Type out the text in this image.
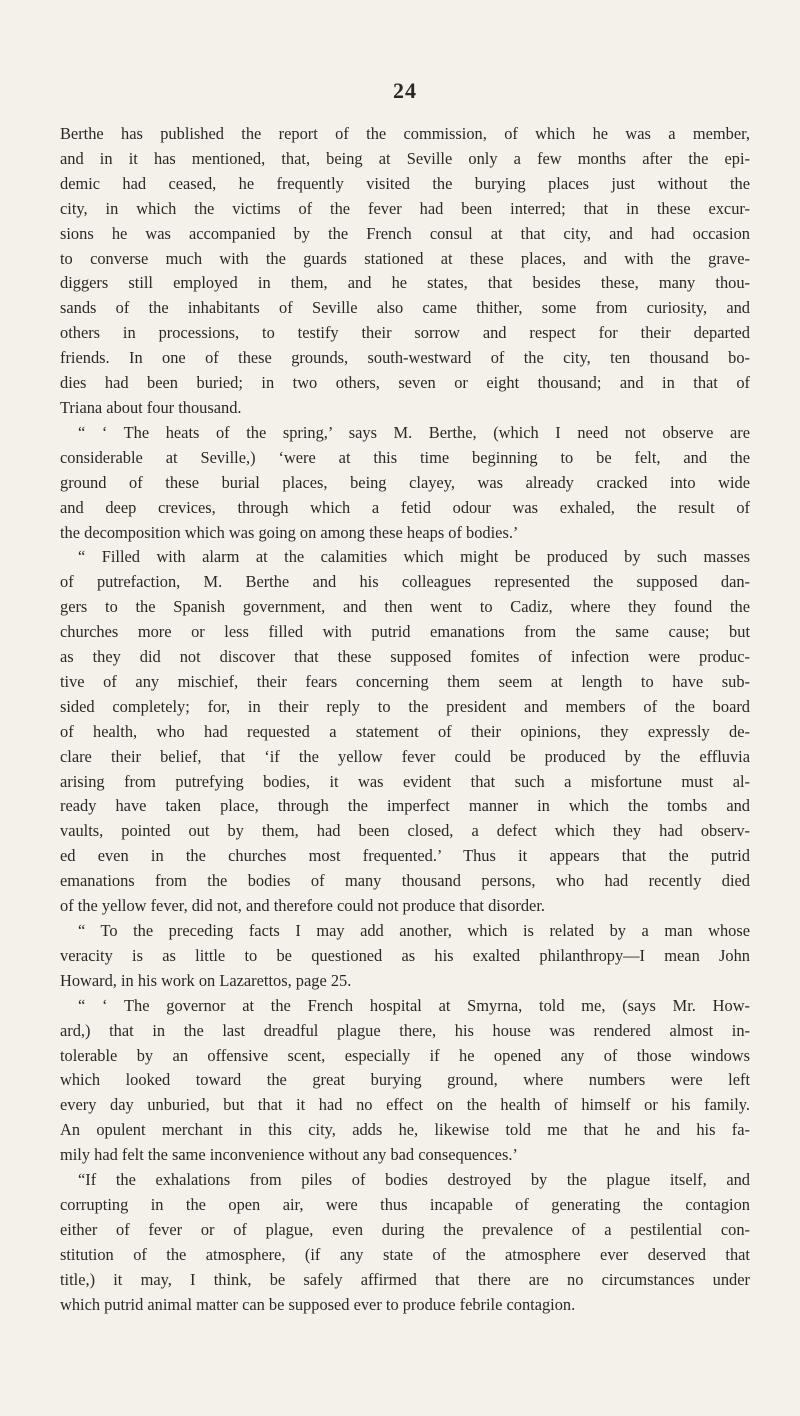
24
Berthe has published the report of the commission, of which he was a member,
and in it has mentioned, that, being at Seville only a few months after the epi-
demic had ceased, he frequently visited the burying places just without the
city, in which the victims of the fever had been interred; that in these excur-
sions he was accompanied by the French consul at that city, and had occasion
to converse much with the guards stationed at these places, and with the grave-
diggers still employed in them, and he states, that besides these, many thou-
sands of the inhabitants of Seville also came thither, some from curiosity, and
others in processions, to testify their sorrow and respect for their departed
friends. In one of these grounds, south-westward of the city, ten thousand bo-
dies had been buried; in two others, seven or eight thousand; and in that of
Triana about four thousand.
“ ‘ The heats of the spring,’ says M. Berthe, (which I need not observe are
considerable at Seville,) ‘were at this time beginning to be felt, and the
ground of these burial places, being clayey, was already cracked into wide
and deep crevices, through which a fetid odour was exhaled, the result of
the decomposition which was going on among these heaps of bodies.’
“ Filled with alarm at the calamities which might be produced by such masses
of putrefaction, M. Berthe and his colleagues represented the supposed dan-
gers to the Spanish government, and then went to Cadiz, where they found the
churches more or less filled with putrid emanations from the same cause; but
as they did not discover that these supposed fomites of infection were produc-
tive of any mischief, their fears concerning them seem at length to have sub-
sided completely; for, in their reply to the president and members of the board
of health, who had requested a statement of their opinions, they expressly de-
clare their belief, that ‘if the yellow fever could be produced by the effluvia
arising from putrefying bodies, it was evident that such a misfortune must al-
ready have taken place, through the imperfect manner in which the tombs and
vaults, pointed out by them, had been closed, a defect which they had observ-
ed even in the churches most frequented.’ Thus it appears that the putrid
emanations from the bodies of many thousand persons, who had recently died
of the yellow fever, did not, and therefore could not produce that disorder.
“ To the preceding facts I may add another, which is related by a man whose
veracity is as little to be questioned as his exalted philanthropy—I mean John
Howard, in his work on Lazarettos, page 25.
“ ‘ The governor at the French hospital at Smyrna, told me, (says Mr. How-
ard,) that in the last dreadful plague there, his house was rendered almost in-
tolerable by an offensive scent, especially if he opened any of those windows
which looked toward the great burying ground, where numbers were left
every day unburied, but that it had no effect on the health of himself or his family.
An opulent merchant in this city, adds he, likewise told me that he and his fa-
mily had felt the same inconvenience without any bad consequences.’
“If the exhalations from piles of bodies destroyed by the plague itself, and
corrupting in the open air, were thus incapable of generating the contagion
either of fever or of plague, even during the prevalence of a pestilential con-
stitution of the atmosphere, (if any state of the atmosphere ever deserved that
title,) it may, I think, be safely affirmed that there are no circumstances under
which putrid animal matter can be supposed ever to produce febrile contagion.
